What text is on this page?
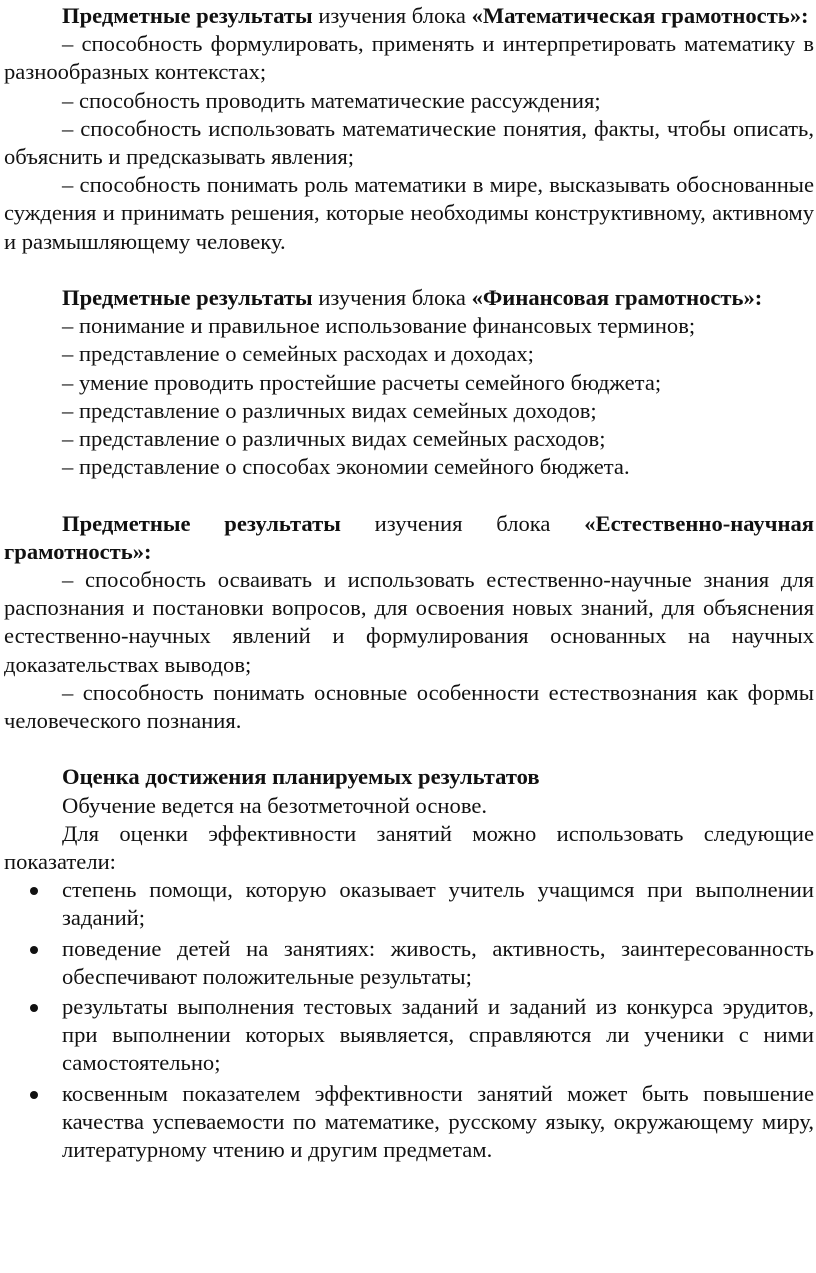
Предметные результаты изучения блока «Математическая грамотность»:

– способность формулировать, применять и интерпретировать математику в разнообразных контекстах;

– способность проводить математические рассуждения;

– способность использовать математические понятия, факты, чтобы описать, объяснить и предсказывать явления;

– способность понимать роль математики в мире, высказывать обоснованные суждения и принимать решения, которые необходимы конструктивному, активному и размышляющему человеку.

Предметные результаты изучения блока «Финансовая грамотность»:

– понимание и правильное использование финансовых терминов;

– представление о семейных расходах и доходах;

– умение проводить простейшие расчеты семейного бюджета;

– представление о различных видах семейных доходов;

– представление о различных видах семейных расходов;

– представление о способах экономии семейного бюджета.

Предметные результаты изучения блока «Естественно-научная грамотность»:

– способность осваивать и использовать естественно-научные знания для распознания и постановки вопросов, для освоения новых знаний, для объяснения естественно-научных явлений и формулирования основанных на научных доказательствах выводов;

– способность понимать основные особенности естествознания как формы человеческого познания.

Оценка достижения планируемых результатов

Обучение ведется на безотметочной основе.

Для оценки эффективности занятий можно использовать следующие показатели:

степень помощи, которую оказывает учитель учащимся при выполнении заданий;
поведение детей на занятиях: живость, активность, заинтересованность обеспечивают положительные результаты;
результаты выполнения тестовых заданий и заданий из конкурса эрудитов, при выполнении которых выявляется, справляются ли ученики с ними самостоятельно;
косвенным показателем эффективности занятий может быть повышение качества успеваемости по математике, русскому языку, окружающему миру, литературному чтению и другим предметам.
